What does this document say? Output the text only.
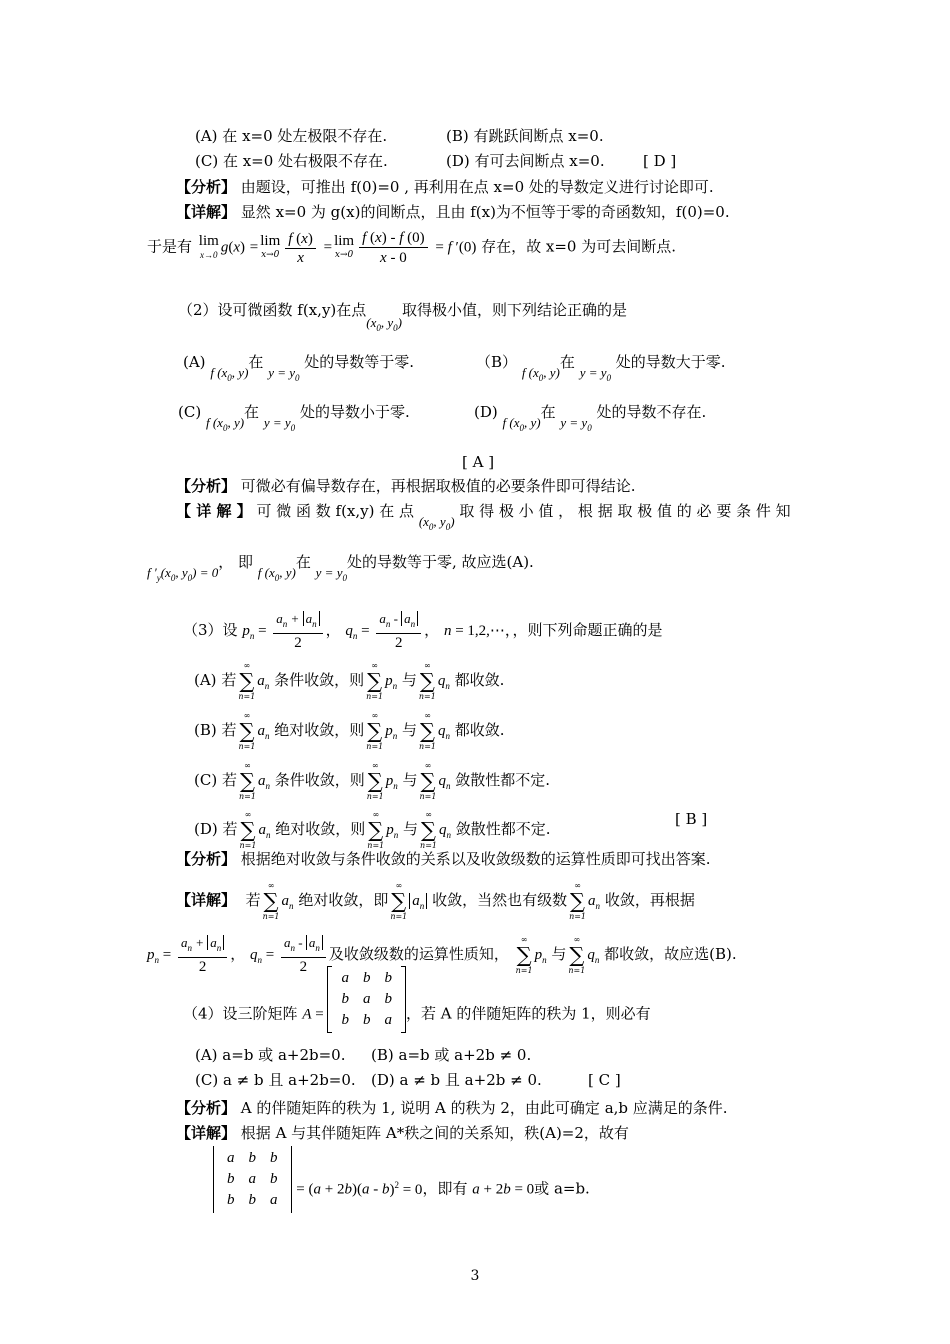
(A) 在 x=0 处左极限不存在.	(B) 有跳跃间断点 x=0.
(C) 在 x=0 处右极限不存在.	(D) 有可去间断点 x=0.	[ D ]
【分析】 由题设，可推出 f(0)=0 , 再利用在点 x=0 处的导数定义进行讨论即可.
【详解】 显然 x=0 为 g(x)的间断点，且由 f(x)为不恒等于零的奇函数知，f(0)=0.
于是有 lim
x→0 g(x) = lim
$x\to 0 \frac{f (x)}{x} = \lim$
$x\to 0 \frac{f (x) - f (0)}{x - 0} = f$ ′(0) 存在，故 x=0 为可去间断点.
（2）设可微函数 f(x,y)在点($x_0$, $y_0$)取得极小值，则下列结论正确的是
(A) f ($x_0$, y)在 $y = y_0$ 处的导数等于零.	（B） f ($x_0$, y)在 $y = y_0$ 处的导数大于零.
(C) f ($x_0$, y)在 $y = y_0$ 处的导数小于零.	(D) f ($x_0$, y)在 $y = y_0$ 处的导数不存在.
[ A ]
【分析】 可微必有偏导数存在，再根据取极值的必要条件即可得结论.
【 详 解 】 可 微 函 数 f(x,y) 在 点 ($x_0$, $y_0$) 取 得 极 小 值 ， 根 据 取 极 值 的 必 要 条 件 知
f $'_y(x_0$, $y_0) = 0$， 即 f ($x_0$, y)在 $y = y_0$处的导数等于零, 故应选(A).
（3）设 $p_n = \frac{a_n + a_n}{2}$ ， $q_n = \frac{a_n - a_n}{2}$ ， n = 1,2,⋯，，则下列命题正确的是
(A) 若
∞
∑
n=1
$a_n$ 条件收敛，则
∞
∑
n=1
$p_n$ 与
∞
∑
n=1
$q_n$ 都收敛.
(B) 若
∞
∑
n=1
$a_n$ 绝对收敛，则
∞
∑
n=1
$p_n$ 与
∞
∑
n=1
$q_n$ 都收敛.
(C) 若
∞
∑
n=1
$a_n$ 条件收敛，则
∞
∑
n=1
$p_n$ 与
∞
∑
n=1
$q_n$ 敛散性都不定.
(D) 若
∞
∑
n=1
$a_n$ 绝对收敛，则
∞
∑
n=1
$p_n$ 与
∞
∑
n=1
$q_n$ 敛散性都不定.
[ B ]
【分析】 根据绝对收敛与条件收敛的关系以及收敛级数的运算性质即可找出答案.
【详解】 若
∞
∑
n=1
$a_n$ 绝对收敛，即
∞
∑
n=1
$a_n$ 收敛，当然也有级数
∞
∑
n=1
$a_n$ 收敛，再根据
$p_n = \frac{a_n + a_n}{2}$ ， $q_n = \frac{a_n - a_n}{2}$ 及收敛级数的运算性质知，
∞
∑
n=1
$p_n$ 与
∞
∑
n=1
$q_n$ 都收敛，故应选(B).
（4）设三阶矩阵 A =
a	b	b
b	a	b
b	b	a ，若 A 的伴随矩阵的秩为 1，则必有
(A) a=b 或 a+2b=0. (B) a=b 或 a+2b ≠ 0.
(C) a ≠ b 且 a+2b=0. (D) a ≠ b 且 a+2b ≠ 0.	[ C ]
【分析】 A 的伴随矩阵的秩为 1, 说明 A 的秩为 2，由此可确定 a,b 应满足的条件.
【详解】 根据 A 与其伴随矩阵 A*秩之间的关系知，秩(A)=2，故有
a	b	b
b	a	b
b	b	a
= (a + 2b)(a - b)$^2$ = 0，即有 a + 2b = 0或 a=b.
3
